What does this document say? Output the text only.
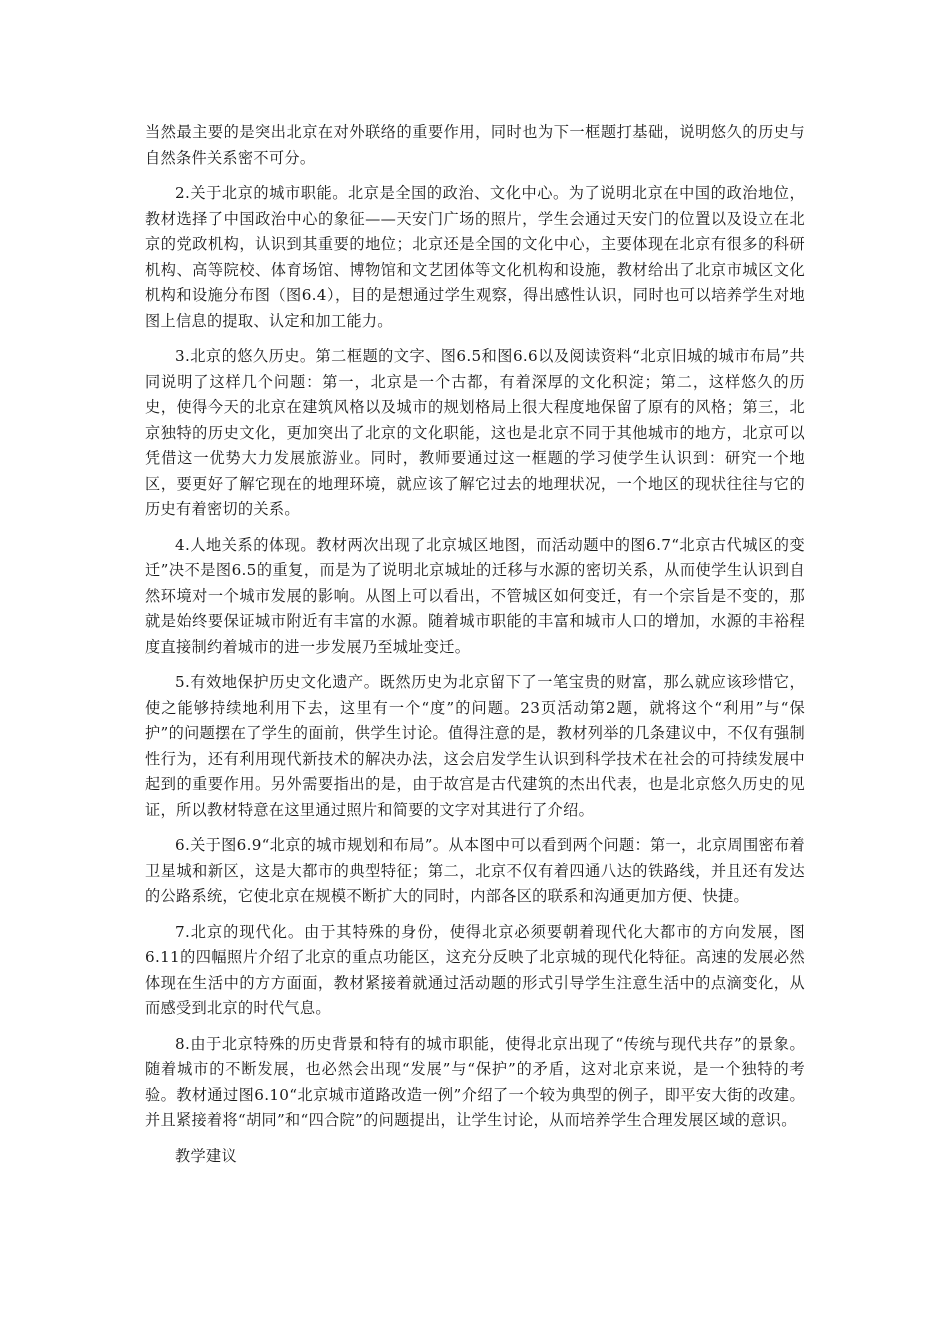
当然最主要的是突出北京在对外联络的重要作用，同时也为下一框题打基础，说明悠久的历史与自然条件关系密不可分。

2.关于北京的城市职能。北京是全国的政治、文化中心。为了说明北京在中国的政治地位，教材选择了中国政治中心的象征——天安门广场的照片，学生会通过天安门的位置以及设立在北京的党政机构，认识到其重要的地位；北京还是全国的文化中心，主要体现在北京有很多的科研机构、高等院校、体育场馆、博物馆和文艺团体等文化机构和设施，教材给出了北京市城区文化机构和设施分布图（图6.4），目的是想通过学生观察，得出感性认识，同时也可以培养学生对地图上信息的提取、认定和加工能力。

3.北京的悠久历史。第二框题的文字、图6.5和图6.6以及阅读资料“北京旧城的城市布局”共同说明了这样几个问题：第一，北京是一个古都，有着深厚的文化积淀；第二，这样悠久的历史，使得今天的北京在建筑风格以及城市的规划格局上很大程度地保留了原有的风格；第三，北京独特的历史文化，更加突出了北京的文化职能，这也是北京不同于其他城市的地方，北京可以凭借这一优势大力发展旅游业。同时，教师要通过这一框题的学习使学生认识到：研究一个地区，要更好了解它现在的地理环境，就应该了解它过去的地理状况，一个地区的现状往往与它的历史有着密切的关系。

4.人地关系的体现。教材两次出现了北京城区地图，而活动题中的图6.7“北京古代城区的变迁”决不是图6.5的重复，而是为了说明北京城址的迁移与水源的密切关系，从而使学生认识到自然环境对一个城市发展的影响。从图上可以看出，不管城区如何变迁，有一个宗旨是不变的，那就是始终要保证城市附近有丰富的水源。随着城市职能的丰富和城市人口的增加，水源的丰裕程度直接制约着城市的进一步发展乃至城址变迁。

5.有效地保护历史文化遗产。既然历史为北京留下了一笔宝贵的财富，那么就应该珍惜它，使之能够持续地利用下去，这里有一个“度”的问题。23页活动第2题，就将这个“利用”与“保护”的问题摆在了学生的面前，供学生讨论。值得注意的是，教材列举的几条建议中，不仅有强制性行为，还有利用现代新技术的解决办法，这会启发学生认识到科学技术在社会的可持续发展中起到的重要作用。另外需要指出的是，由于故宫是古代建筑的杰出代表，也是北京悠久历史的见证，所以教材特意在这里通过照片和简要的文字对其进行了介绍。

6.关于图6.9“北京的城市规划和布局”。从本图中可以看到两个问题：第一，北京周围密布着卫星城和新区，这是大都市的典型特征；第二，北京不仅有着四通八达的铁路线，并且还有发达的公路系统，它使北京在规模不断扩大的同时，内部各区的联系和沟通更加方便、快捷。

7.北京的现代化。由于其特殊的身份，使得北京必须要朝着现代化大都市的方向发展，图6.11的四幅照片介绍了北京的重点功能区，这充分反映了北京城的现代化特征。高速的发展必然体现在生活中的方方面面，教材紧接着就通过活动题的形式引导学生注意生活中的点滴变化，从而感受到北京的时代气息。

8.由于北京特殊的历史背景和特有的城市职能，使得北京出现了“传统与现代共存”的景象。随着城市的不断发展，也必然会出现“发展”与“保护”的矛盾，这对北京来说，是一个独特的考验。教材通过图6.10“北京城市道路改造一例”介绍了一个较为典型的例子，即平安大街的改建。并且紧接着将“胡同”和“四合院”的问题提出，让学生讨论，从而培养学生合理发展区域的意识。

教学建议
